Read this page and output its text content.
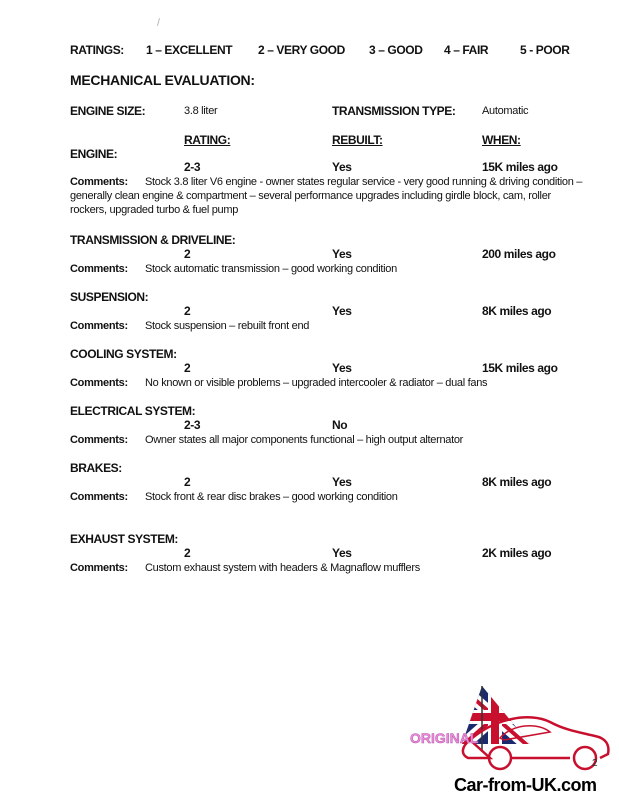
RATINGS: 1 – EXCELLENT 2 – VERY GOOD 3 – GOOD 4 – FAIR	5 - POOR
MECHANICAL EVALUATION:
ENGINE SIZE:	3.8 liter	TRANSMISSION TYPE: Automatic
RATING:	REBUILT:	WHEN:
ENGINE:
2-3	Yes	15K miles ago
Comments: Stock 3.8 liter V6 engine - owner states regular service - very good running & driving condition – generally clean engine & compartment – several performance upgrades including girdle block, cam, roller rockers, upgraded turbo & fuel pump
TRANSMISSION & DRIVELINE:
2	Yes	200 miles ago
Comments: Stock automatic transmission – good working condition
SUSPENSION:
2	Yes	8K miles ago
Comments: Stock suspension – rebuilt front end
COOLING SYSTEM:
2	Yes	15K miles ago
Comments: No known or visible problems – upgraded intercooler & radiator – dual fans
ELECTRICAL SYSTEM:
2-3	No
Comments: Owner states all major components functional – high output alternator
BRAKES:
2	Yes	8K miles ago
Comments: Stock front & rear disc brakes – good working condition
EXHAUST SYSTEM:
2	Yes	2K miles ago
Comments: Custom exhaust system with headers & Magnaflow mufflers
ORIGINAL
2
Car-from-UK.com
